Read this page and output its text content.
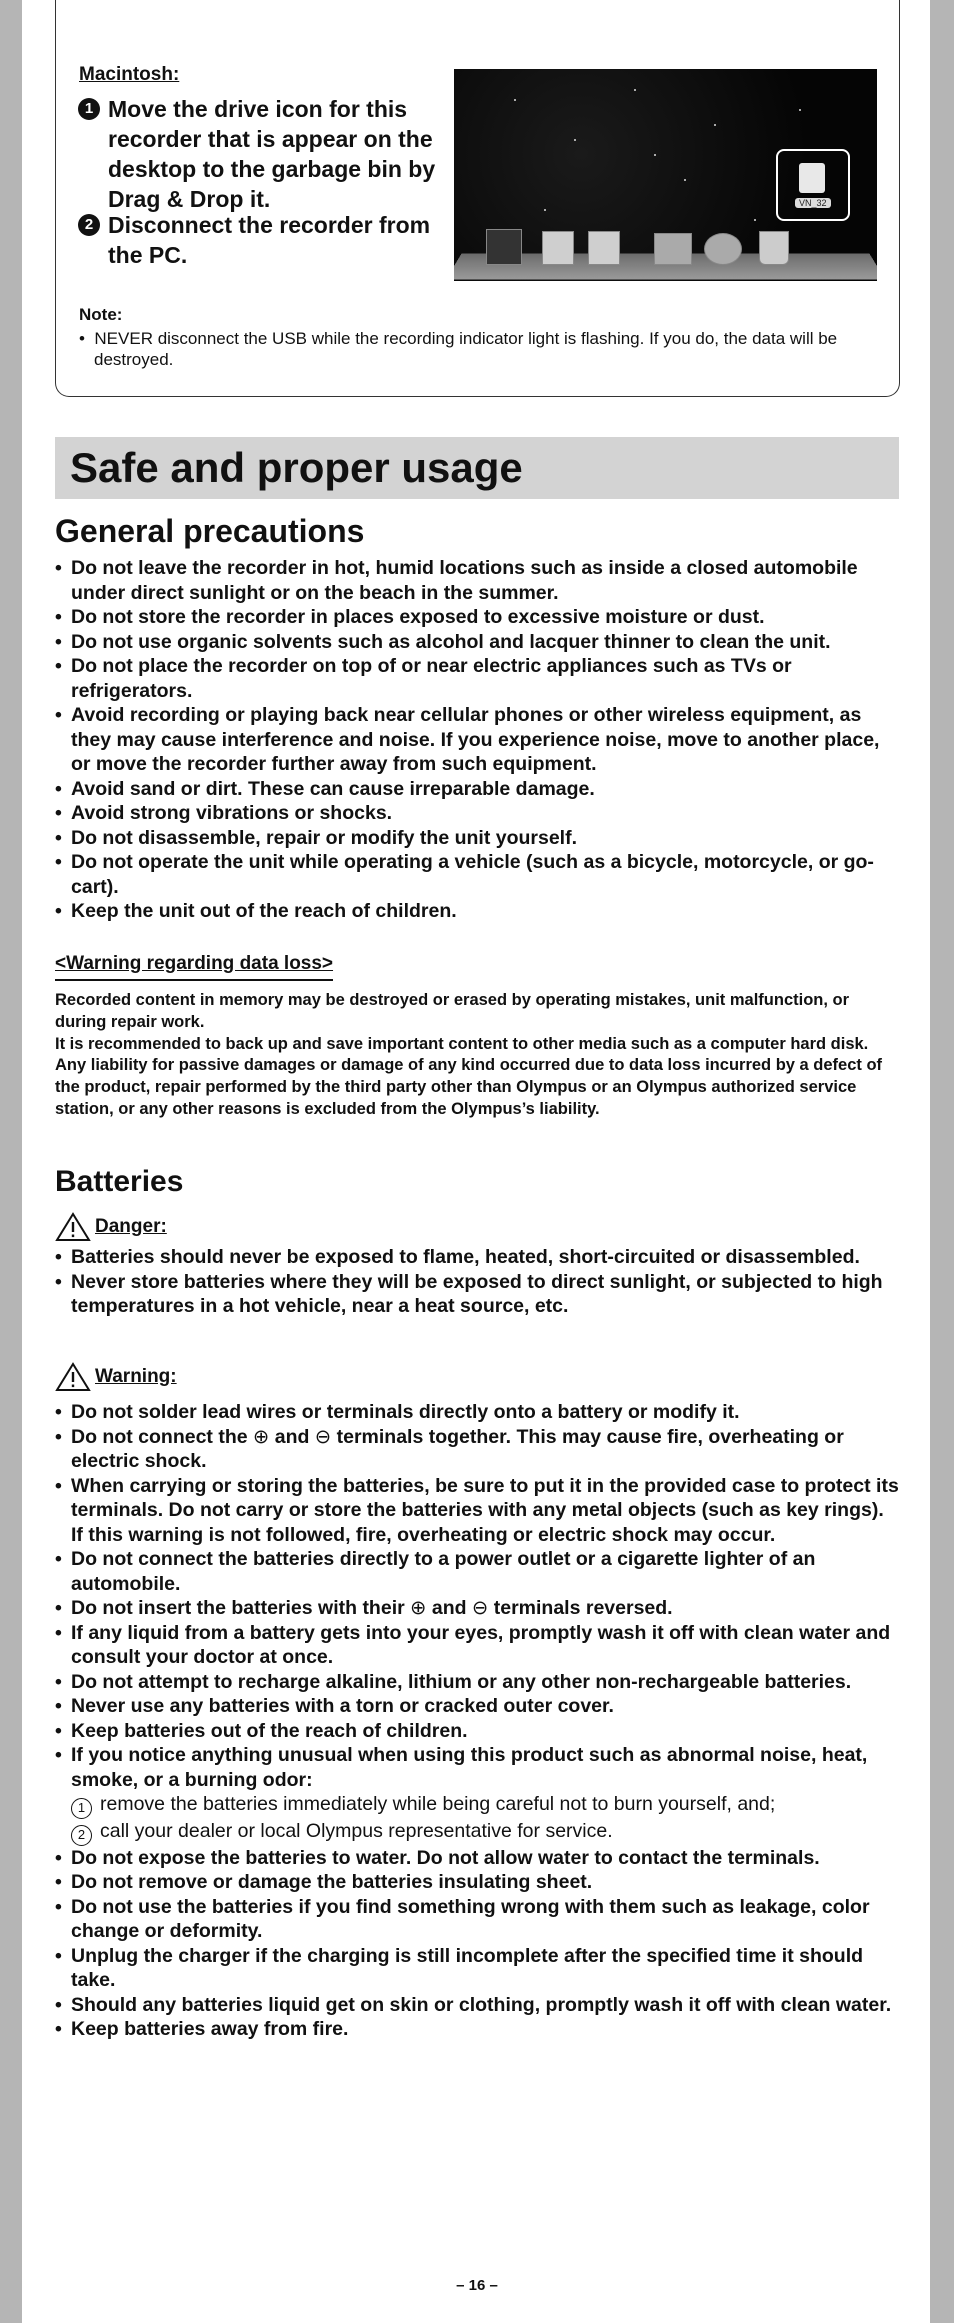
Macintosh:
1 Move the drive icon for this recorder that is appear on the desktop to the garbage bin by Drag & Drop it.
2 Disconnect the recorder from the PC.
VN_32
Note:
•  NEVER disconnect the USB while the recording indicator light is flashing. If you do, the data will be destroyed.
Safe and proper usage
General precautions
• Do not leave the recorder in hot, humid locations such as inside a closed automobile under direct sunlight or on the beach in the summer.
• Do not store the recorder in places exposed to excessive moisture or dust.
• Do not use organic solvents such as alcohol and lacquer thinner to clean the unit.
• Do not place the recorder on top of or near electric appliances such as TVs or refrigerators.
• Avoid recording or playing back near cellular phones or other wireless equipment, as they may cause interference and noise. If you experience noise, move to another place, or move the recorder further away from such equipment.
• Avoid sand or dirt. These can cause irreparable damage.
• Avoid strong vibrations or shocks.
• Do not disassemble, repair or modify the unit yourself.
• Do not operate the unit while operating a vehicle (such as a bicycle, motorcycle, or go-cart).
• Keep the unit out of the reach of children.
<Warning regarding data loss>
Recorded content in memory may be destroyed or erased by operating mistakes, unit malfunction, or during repair work.
It is recommended to back up and save important content to other media such as a computer hard disk.
Any liability for passive damages or damage of any kind occurred due to data loss incurred by a defect of the product, repair performed by the third party other than Olympus or an Olympus authorized service station, or any other reasons is excluded from the Olympus’s liability.
Batteries
Danger:
• Batteries should never be exposed to flame, heated, short-circuited or disassembled.
• Never store batteries where they will be exposed to direct sunlight, or subjected to high temperatures in a hot vehicle, near a heat source, etc.
Warning:
• Do not solder lead wires or terminals directly onto a battery or modify it.
• Do not connect the ⊕ and ⊖ terminals together. This may cause fire, overheating or electric shock.
• When carrying or storing the batteries, be sure to put it in the provided case to protect its terminals. Do not carry or store the batteries with any metal objects (such as key rings).
If this warning is not followed, fire, overheating or electric shock may occur.
• Do not connect the batteries directly to a power outlet or a cigarette lighter of an automobile.
• Do not insert the batteries with their ⊕ and ⊖ terminals reversed.
• If any liquid from a battery gets into your eyes, promptly wash it off with clean water and consult your doctor at once.
• Do not attempt to recharge alkaline, lithium or any other non-rechargeable batteries.
• Never use any batteries with a torn or cracked outer cover.
• Keep batteries out of the reach of children.
• If you notice anything unusual when using this product such as abnormal noise, heat, smoke, or a burning odor:
1 remove the batteries immediately while being careful not to burn yourself, and;
2 call your dealer or local Olympus representative for service.
• Do not expose the batteries to water. Do not allow water to contact the terminals.
• Do not remove or damage the batteries insulating sheet.
• Do not use the batteries if you find something wrong with them such as leakage, color change or deformity.
• Unplug the charger if the charging is still incomplete after the specified time it should take.
• Should any batteries liquid get on skin or clothing, promptly wash it off with clean water.
• Keep batteries away from fire.
– 16 –
